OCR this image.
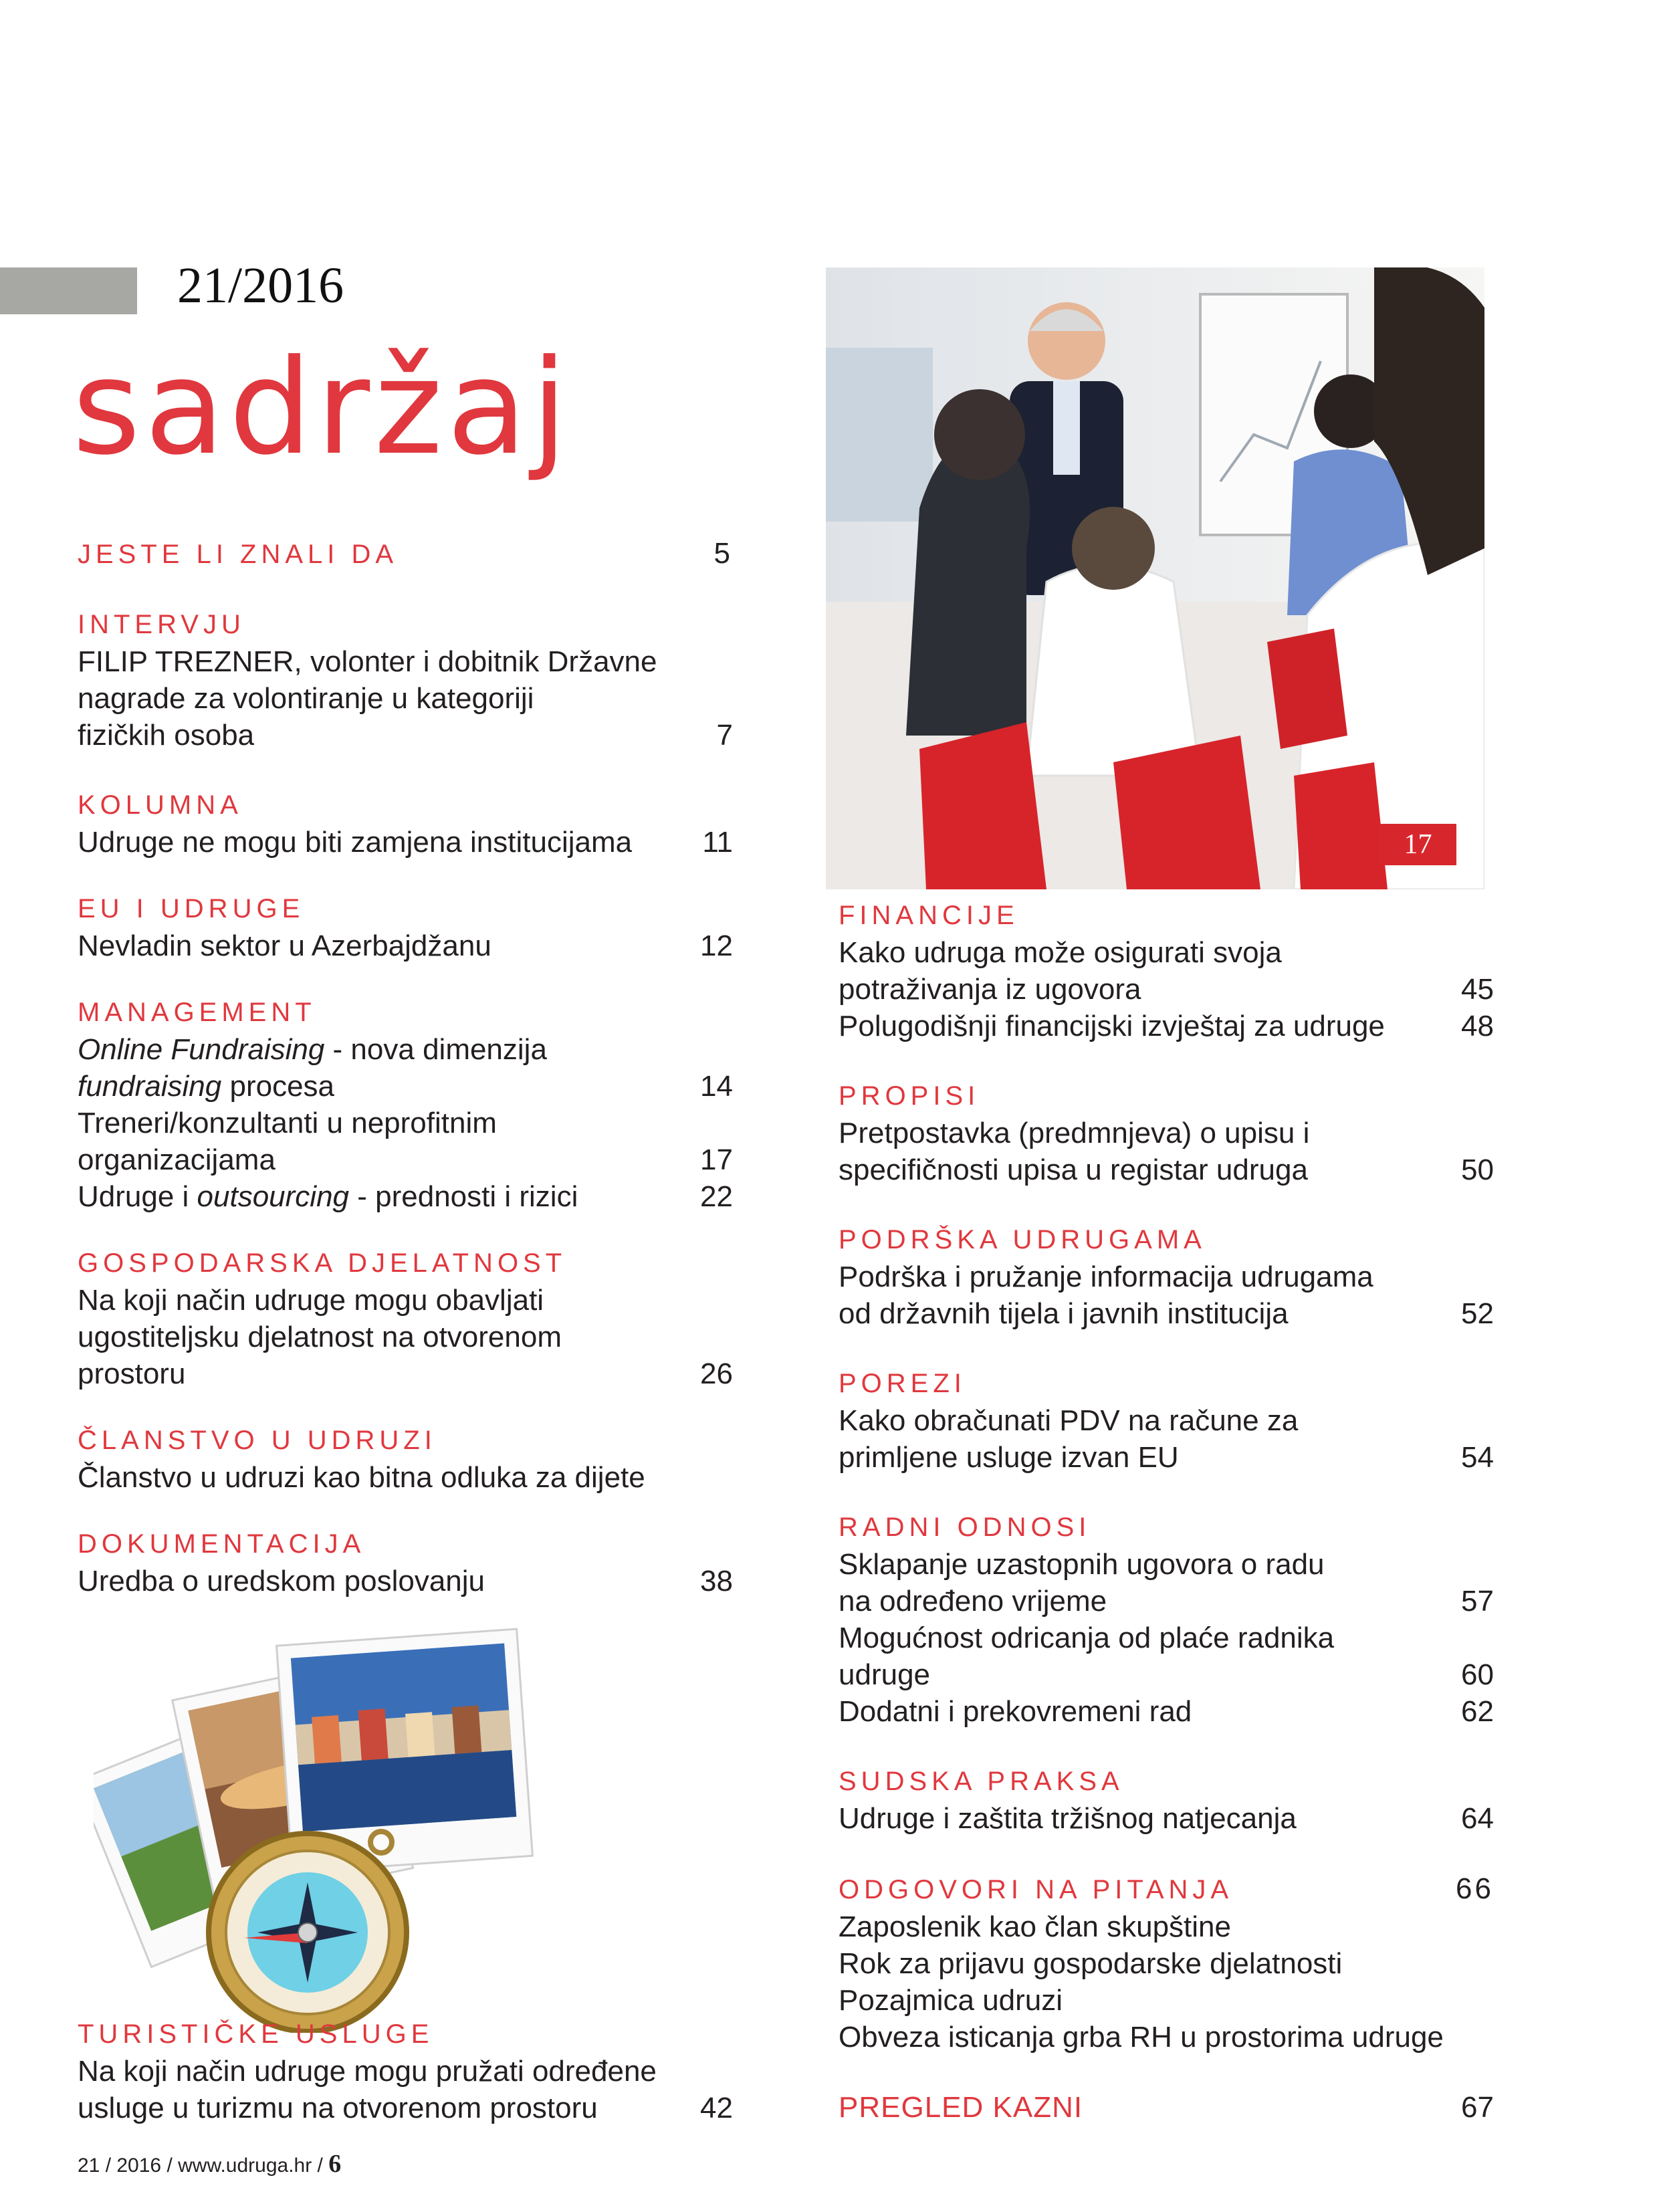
21/2016
sadržaj
17
JESTE LI ZNALI DA	5
INTERVJU
FILIP TREZNER, volonter i dobitnik Državne
nagrade za volontiranje u kategoriji
fizičkih osoba	7
KOLUMNA
Udruge ne mogu biti zamjena institucijama 11
EU I UDRUGE
Nevladin sektor u Azerbajdžanu	12
MANAGEMENT
Online Fundraising - nova dimenzija
fundraising procesa	14
Treneri/konzultanti u neprofitnim
organizacijama	17
Udruge i outsourcing - prednosti i rizici	22
GOSPODARSKA DJELATNOST
Na koji način udruge mogu obavljati
ugostiteljsku djelatnost na otvorenom
prostoru	26
ČLANSTVO U UDRUZI
Članstvo u udruzi kao bitna odluka za dijete
DOKUMENTACIJA
Uredba o uredskom poslovanju	38
TURISTIČKE USLUGE
Na koji način udruge mogu pružati određene
usluge u turizmu na otvorenom prostoru	42
FINANCIJE
Kako udruga može osigurati svoja
potraživanja iz ugovora	45
Polugodišnji financijski izvještaj za udruge	48
PROPISI
Pretpostavka (predmnjeva) o upisu i
specifičnosti upisa u registar udruga	50
PODRŠKA UDRUGAMA
Podrška i pružanje informacija udrugama
od državnih tijela i javnih institucija	52
POREZI
Kako obračunati PDV na račune za
primljene usluge izvan EU	54
RADNI ODNOSI
Sklapanje uzastopnih ugovora o radu
na određeno vrijeme	57
Mogućnost odricanja od plaće radnika
udruge	60
Dodatni i prekovremeni rad	62
SUDSKA PRAKSA
Udruge i zaštita tržišnog natjecanja	64
ODGOVORI NA PITANJA	66
Zaposlenik kao član skupštine
Rok za prijavu gospodarske djelatnosti
Pozajmica udruzi
Obveza isticanja grba RH u prostorima udruge
PREGLED KAZNI	67
21 / 2016 / www.udruga.hr / 6
